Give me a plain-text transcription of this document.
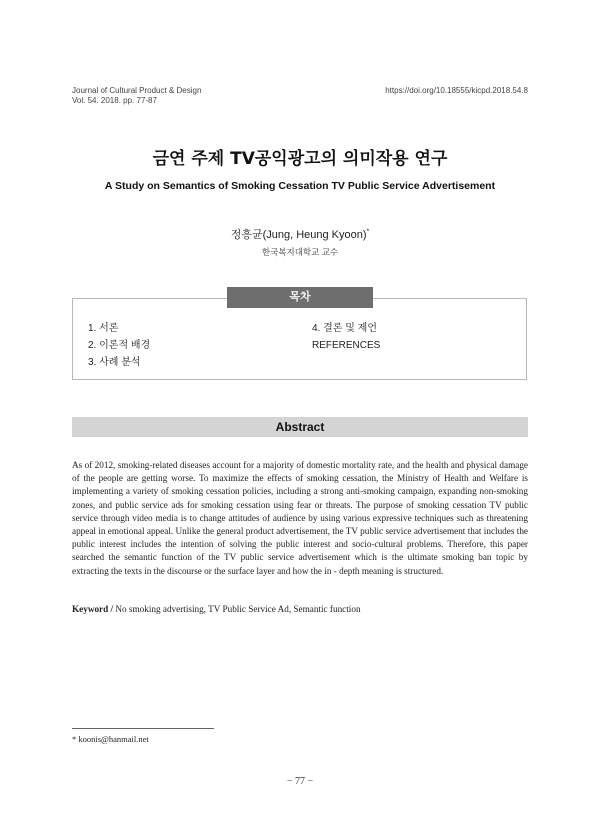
Journal of Cultural Product & Design
Vol. 54. 2018. pp. 77-87
https://doi.org/10.18555/kicpd.2018.54.8
금연 주제 TV공익광고의 의미작용 연구
A Study on Semantics of Smoking Cessation TV Public Service Advertisement
정흥균(Jung, Heung Kyoon)*
한국복지대학교 교수
목차
1. 서론
2. 이론적 배경
3. 사례 분석
4. 결론 및 제언
REFERENCES
Abstract
As of 2012, smoking-related diseases account for a majority of domestic mortality rate, and the health and physical damage of the people are getting worse. To maximize the effects of smoking cessation, the Ministry of Health and Welfare is implementing a variety of smoking cessation policies, including a strong anti-smoking campaign, expanding non-smoking zones, and public service ads for smoking cessation using fear or threats. The purpose of smoking cessation TV public service through video media is to change attitudes of audience by using various expressive techniques such as threatening appeal in emotional appeal. Unlike the general product advertisement, the TV public service advertisement that includes the public interest includes the intention of solving the public interest and socio-cultural problems. Therefore, this paper searched the semantic function of the TV public service advertisement which is the ultimate smoking ban topic by extracting the texts in the discourse or the surface layer and how the in - depth meaning is structured.
Keyword / No smoking advertising, TV Public Service Ad, Semantic function
* koonis@hanmail.net
− 77 −
